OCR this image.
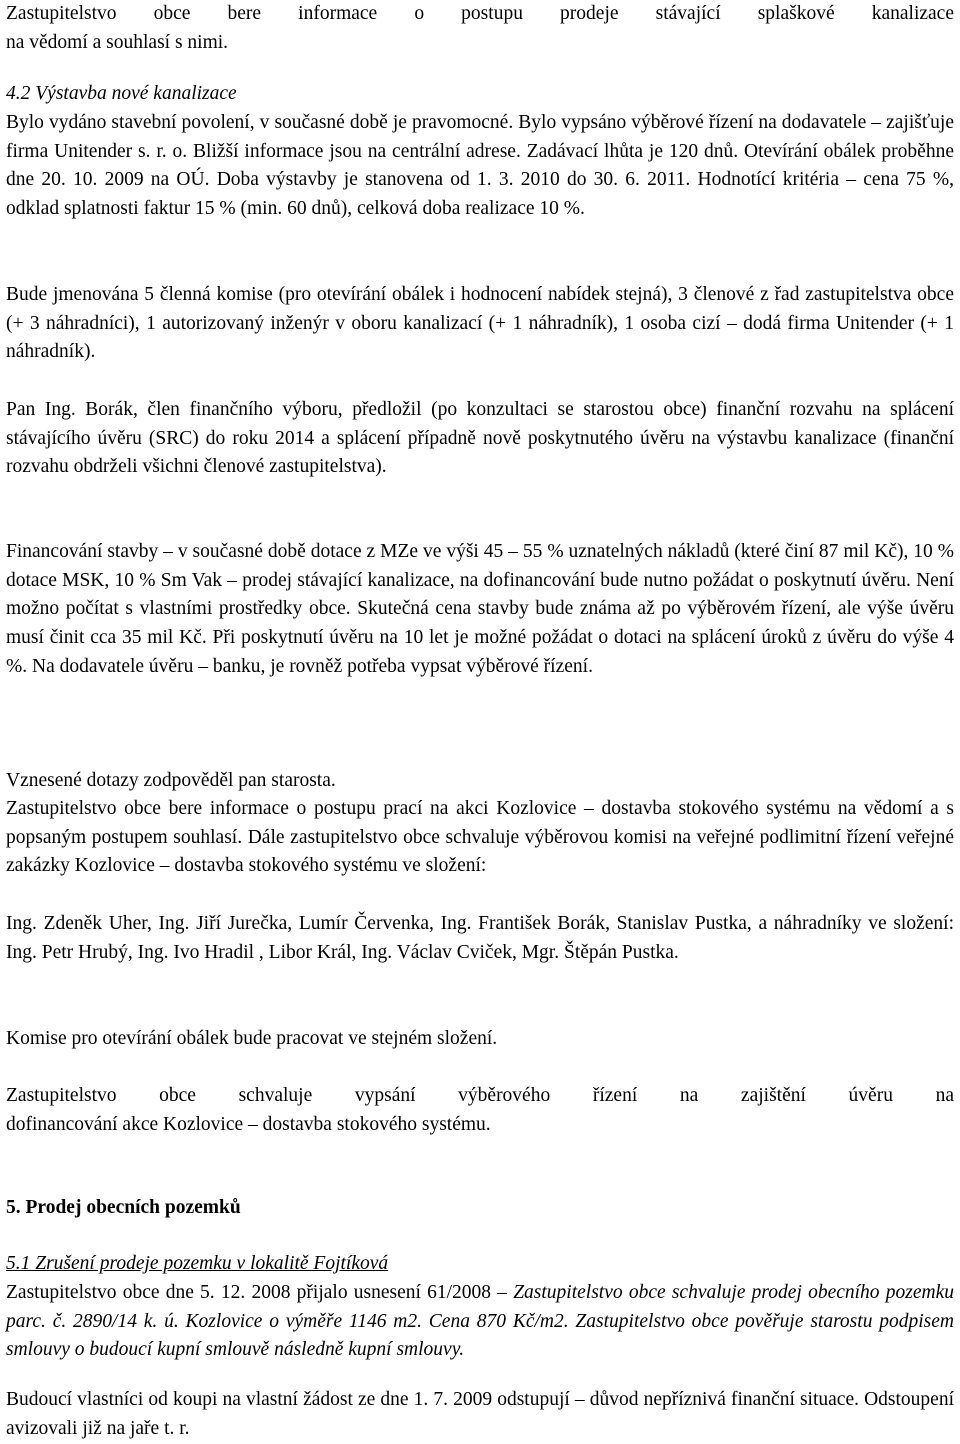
Zastupitelstvo obce bere informace o postupu prodeje stávající splaškové kanalizace
na vědomí a souhlasí s nimi.
4.2 Výstavba nové kanalizace
Bylo vydáno stavební povolení, v současné době je pravomocné. Bylo vypsáno výběrové řízení na dodavatele – zajišťuje firma Unitender s. r. o. Bližší informace jsou na centrální adrese. Zadávací lhůta je 120 dnů. Otevírání obálek proběhne dne 20. 10. 2009 na OÚ. Doba výstavby je stanovena od 1. 3. 2010 do 30. 6. 2011. Hodnotící kritéria – cena 75 %, odklad splatnosti faktur 15 % (min. 60 dnů), celková doba realizace 10 %.
Bude jmenována 5 členná komise (pro otevírání obálek i hodnocení nabídek stejná), 3 členové z řad zastupitelstva obce (+ 3 náhradníci), 1 autorizovaný inženýr v oboru kanalizací (+ 1 náhradník), 1 osoba cizí – dodá firma Unitender (+ 1 náhradník).
Pan Ing. Borák, člen finančního výboru, předložil (po konzultaci se starostou obce) finanční rozvahu na splácení stávajícího úvěru (SRC) do roku 2014 a splácení případně nově poskytnutého úvěru na výstavbu kanalizace (finanční rozvahu obdrželi všichni členové zastupitelstva).
Financování stavby – v současné době dotace z MZe ve výši 45 – 55 % uznatelných nákladů (které činí 87 mil Kč), 10 % dotace MSK, 10 % Sm Vak – prodej stávající kanalizace, na dofinancování bude nutno požádat o poskytnutí úvěru. Není možno počítat s vlastními prostředky obce. Skutečná cena stavby bude známa až po výběrovém řízení, ale výše úvěru musí činit cca 35 mil Kč. Při poskytnutí úvěru na 10 let je možné požádat o dotaci na splácení úroků z úvěru do výše 4 %. Na dodavatele úvěru – banku, je rovněž potřeba vypsat výběrové řízení.
Vznesené dotazy zodpověděl pan starosta.
Zastupitelstvo obce bere informace o postupu prací na akci Kozlovice – dostavba stokového systému na vědomí a s popsaným postupem souhlasí. Dále zastupitelstvo obce schvaluje výběrovou komisi na veřejné podlimitní řízení veřejné zakázky Kozlovice – dostavba stokového systému ve složení:
Ing. Zdeněk Uher, Ing. Jiří Jurečka, Lumír Červenka, Ing. František Borák, Stanislav Pustka, a náhradníky ve složení: Ing. Petr Hrubý, Ing. Ivo Hradil , Libor Král, Ing. Václav Cviček, Mgr. Štěpán Pustka.
Komise pro otevírání obálek bude pracovat ve stejném složení.
Zastupitelstvo obce schvaluje vypsání výběrového řízení na zajištění úvěru na
dofinancování akce Kozlovice – dostavba stokového systému.
5. Prodej obecních pozemků
5.1 Zrušení prodeje pozemku v lokalitě Fojtíková
Zastupitelstvo obce dne 5. 12. 2008 přijalo usnesení 61/2008 – Zastupitelstvo obce schvaluje prodej obecního pozemku parc. č. 2890/14 k. ú. Kozlovice o výměře 1146 m2. Cena 870 Kč/m2. Zastupitelstvo obce pověřuje starostu podpisem smlouvy o budoucí kupní smlouvě následně kupní smlouvy.
Budoucí vlastníci od koupi na vlastní žádost ze dne 1. 7. 2009 odstupují – důvod nepříznivá finanční situace. Odstoupení avizovali již na jaře t. r.
